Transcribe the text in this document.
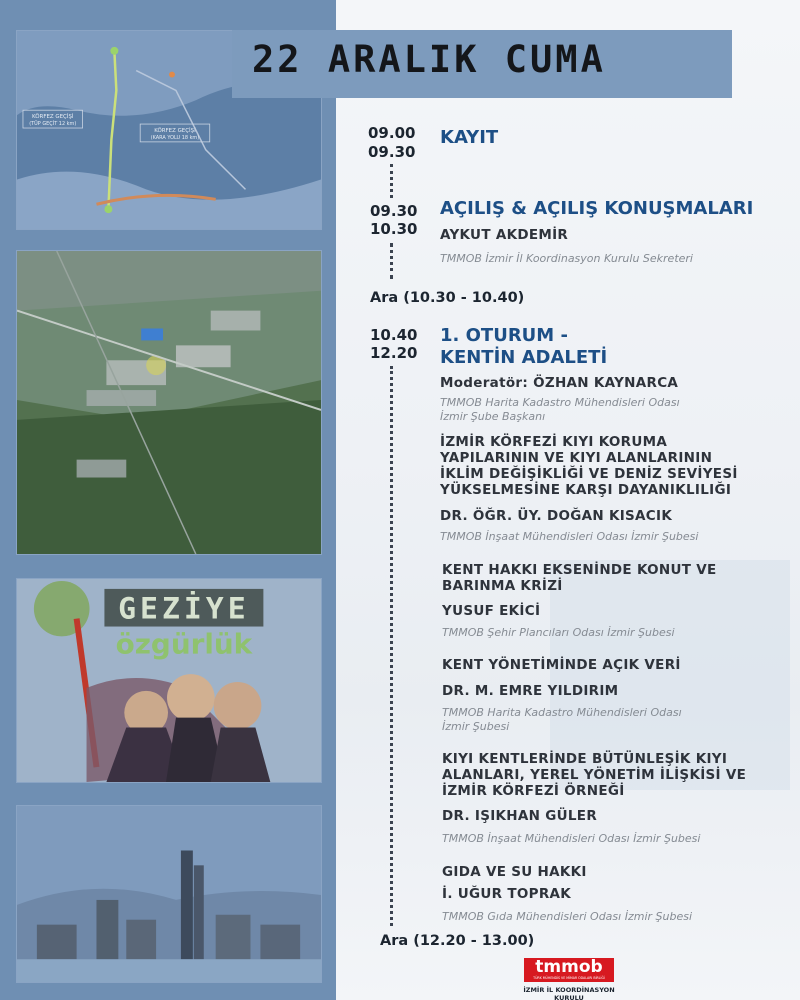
KÖRFEZ GEÇİŞİ
(TÜP GEÇİT 12 km)
KÖRFEZ GEÇİŞİ
(KARA YOLU 18 km)
GEZİYE
özgürlük
22 ARALIK CUMA
09.00
09.30
KAYIT
09.30
10.30
AÇILIŞ & AÇILIŞ KONUŞMALARI
AYKUT AKDEMİR
TMMOB İzmir İl Koordinasyon Kurulu Sekreteri
Ara (10.30 - 10.40)
10.40
12.20
1. OTURUM -
KENTİN ADALETİ
Moderatör: ÖZHAN KAYNARCA
TMMOB Harita Kadastro Mühendisleri Odası
İzmir Şube Başkanı
İZMİR KÖRFEZİ KIYI KORUMA
YAPILARININ VE KIYI ALANLARININ
İKLİM DEĞİŞİKLİĞİ VE DENİZ SEVİYESİ
YÜKSELMESİNE KARŞI DAYANIKLILIĞI
DR. ÖĞR. ÜY. DOĞAN KISACIK
TMMOB İnşaat Mühendisleri Odası İzmir Şubesi
KENT HAKKI EKSENİNDE KONUT VE
BARINMA KRİZİ
YUSUF EKİCİ
TMMOB Şehir Plancıları Odası İzmir Şubesi
KENT YÖNETİMİNDE AÇIK VERİ
DR. M. EMRE YILDIRIM
TMMOB Harita Kadastro Mühendisleri Odası
İzmir Şubesi
KIYI KENTLERİNDE BÜTÜNLEŞİK KIYI
ALANLARI, YEREL YÖNETİM İLİŞKİSİ VE
İZMİR KÖRFEZİ ÖRNEĞİ
DR. IŞIKHAN GÜLER
TMMOB İnşaat Mühendisleri Odası İzmir Şubesi
GIDA VE SU HAKKI
İ. UĞUR TOPRAK
TMMOB Gıda Mühendisleri Odası İzmir Şubesi
Ara (12.20 - 13.00)
tmmob
TÜRK MÜHENDİS VE MİMAR ODALARI BİRLİĞİ
İZMİR İL KOORDİNASYON KURULU
